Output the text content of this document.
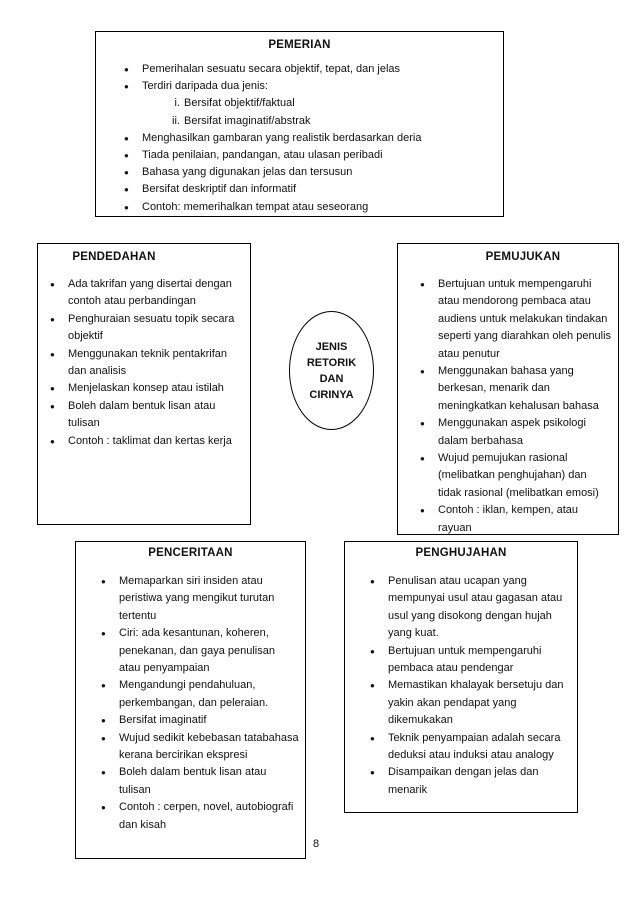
PEMERIAN

● Pemerihalan sesuatu secara objektif, tepat, dan jelas
● Terdiri daripada dua jenis:
i. Bersifat objektif/faktual
ii. Bersifat imaginatif/abstrak
● Menghasilkan gambaran yang realistik berdasarkan deria
● Tiada penilaian, pandangan, atau ulasan peribadi
● Bahasa yang digunakan jelas dan tersusun
● Bersifat deskriptif dan informatif
● Contoh: memerihalkan tempat atau seseorang

PENDEDAHAN

● Ada takrifan yang disertai dengan contoh atau perbandingan
● Penghuraian sesuatu topik secara objektif
● Menggunakan teknik pentakrifan dan analisis
● Menjelaskan konsep atau istilah
● Boleh dalam bentuk lisan atau tulisan
● Contoh : taklimat dan kertas kerja
JENIS
RETORIK
DAN
CIRINYA

PEMUJUKAN

● Bertujuan untuk mempengaruhi atau mendorong pembaca atau audiens untuk melakukan tindakan seperti yang diarahkan oleh penulis atau penutur
● Menggunakan bahasa yang berkesan, menarik dan meningkatkan kehalusan bahasa
● Menggunakan aspek psikologi dalam berbahasa
● Wujud pemujukan rasional (melibatkan penghujahan) dan tidak rasional (melibatkan emosi)
● Contoh : iklan, kempen, atau rayuan

PENCERITAAN

● Memaparkan siri insiden atau peristiwa yang mengikut turutan tertentu
● Ciri: ada kesantunan, koheren, penekanan, dan gaya penulisan atau penyampaian
● Mengandungi pendahuluan, perkembangan, dan peleraian.
● Bersifat imaginatif
● Wujud sedikit kebebasan tatabahasa kerana bercirikan ekspresi
● Boleh dalam bentuk lisan atau tulisan
● Contoh : cerpen, novel, autobiografi dan kisah

PENGHUJAHAN

● Penulisan atau ucapan yang mempunyai usul atau gagasan atau usul yang disokong dengan hujah yang kuat.
● Bertujuan untuk mempengaruhi pembaca atau pendengar
● Memastikan khalayak bersetuju dan yakin akan pendapat yang dikemukakan
● Teknik penyampaian adalah secara deduksi atau induksi atau analogy
● Disampaikan dengan jelas dan menarik
8
